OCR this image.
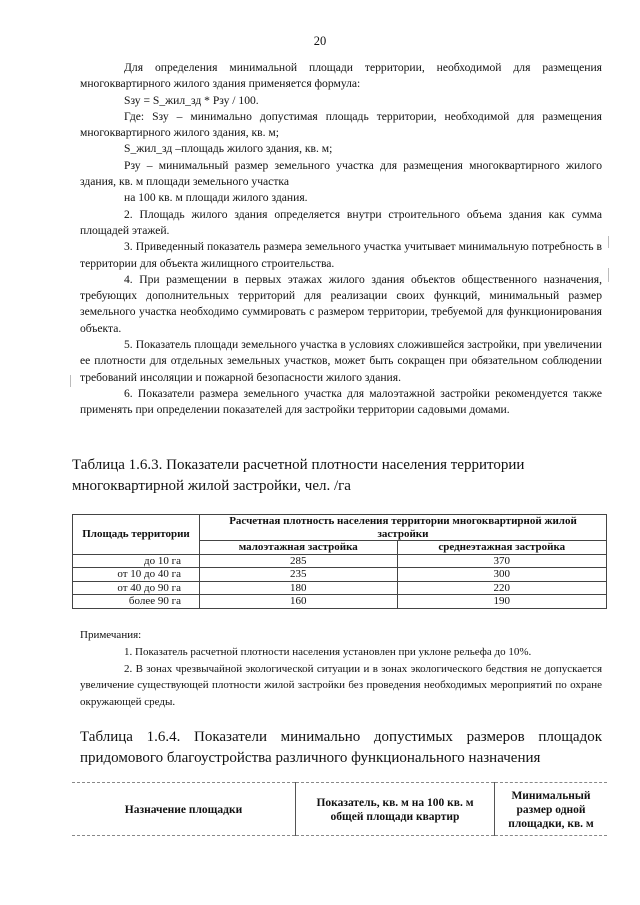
20

Для определения минимальной площади территории, необходимой для размещения многоквартирного жилого здания применяется формула:

Sзу = S_жил_зд * Рзу / 100.

Где: Sзу – минимально допустимая площадь территории, необходимой для размещения многоквартирного жилого здания, кв. м;

S_жил_зд –площадь жилого здания, кв. м;

Рзу – минимальный размер земельного участка для размещения многоквартирного жилого здания, кв. м площади земельного участка

на 100 кв. м площади жилого здания.

2. Площадь жилого здания определяется внутри строительного объема здания как сумма площадей этажей.

3. Приведенный показатель размера земельного участка учитывает минимальную потребность в территории для объекта жилищного строительства.

4. При размещении в первых этажах жилого здания объектов общественного назначения, требующих дополнительных территорий для реализации своих функций, минимальный размер земельного участка необходимо суммировать с размером территории, требуемой для функционирования объекта.

5. Показатель площади земельного участка в условиях сложившейся застройки, при увеличении ее плотности для отдельных земельных участков, может быть сокращен при обязательном соблюдении требований инсоляции и пожарной безопасности жилого здания.

6. Показатели размера земельного участка для малоэтажной застройки рекомендуется также применять при определении показателей для застройки территории садовыми домами.

Таблица 1.6.3. Показатели расчетной плотности населения территории многоквартирной жилой застройки, чел. /га
Площадь территории	Расчетная плотность населения территории многоквартирной жилой застройки	
	малоэтажная застройка	среднеэтажная застройка
до 10 га	285	370
от 10 до 40 га	235	300
от 40 до 90 га	180	220
более 90 га	160	190

Примечания:

1. Показатель расчетной плотности населения установлен при уклоне рельефа до 10%.

2. В зонах чрезвычайной экологической ситуации и в зонах экологического бедствия не допускается увеличение существующей плотности жилой застройки без проведения необходимых мероприятий по охране окружающей среды.

Таблица 1.6.4. Показатели минимально допустимых размеров площадок
придомового благоустройства различного функционального назначения
Назначение площадки	Показатель, кв. м на 100 кв. м общей площади квартир	Минимальный размер одной площадки, кв. м
